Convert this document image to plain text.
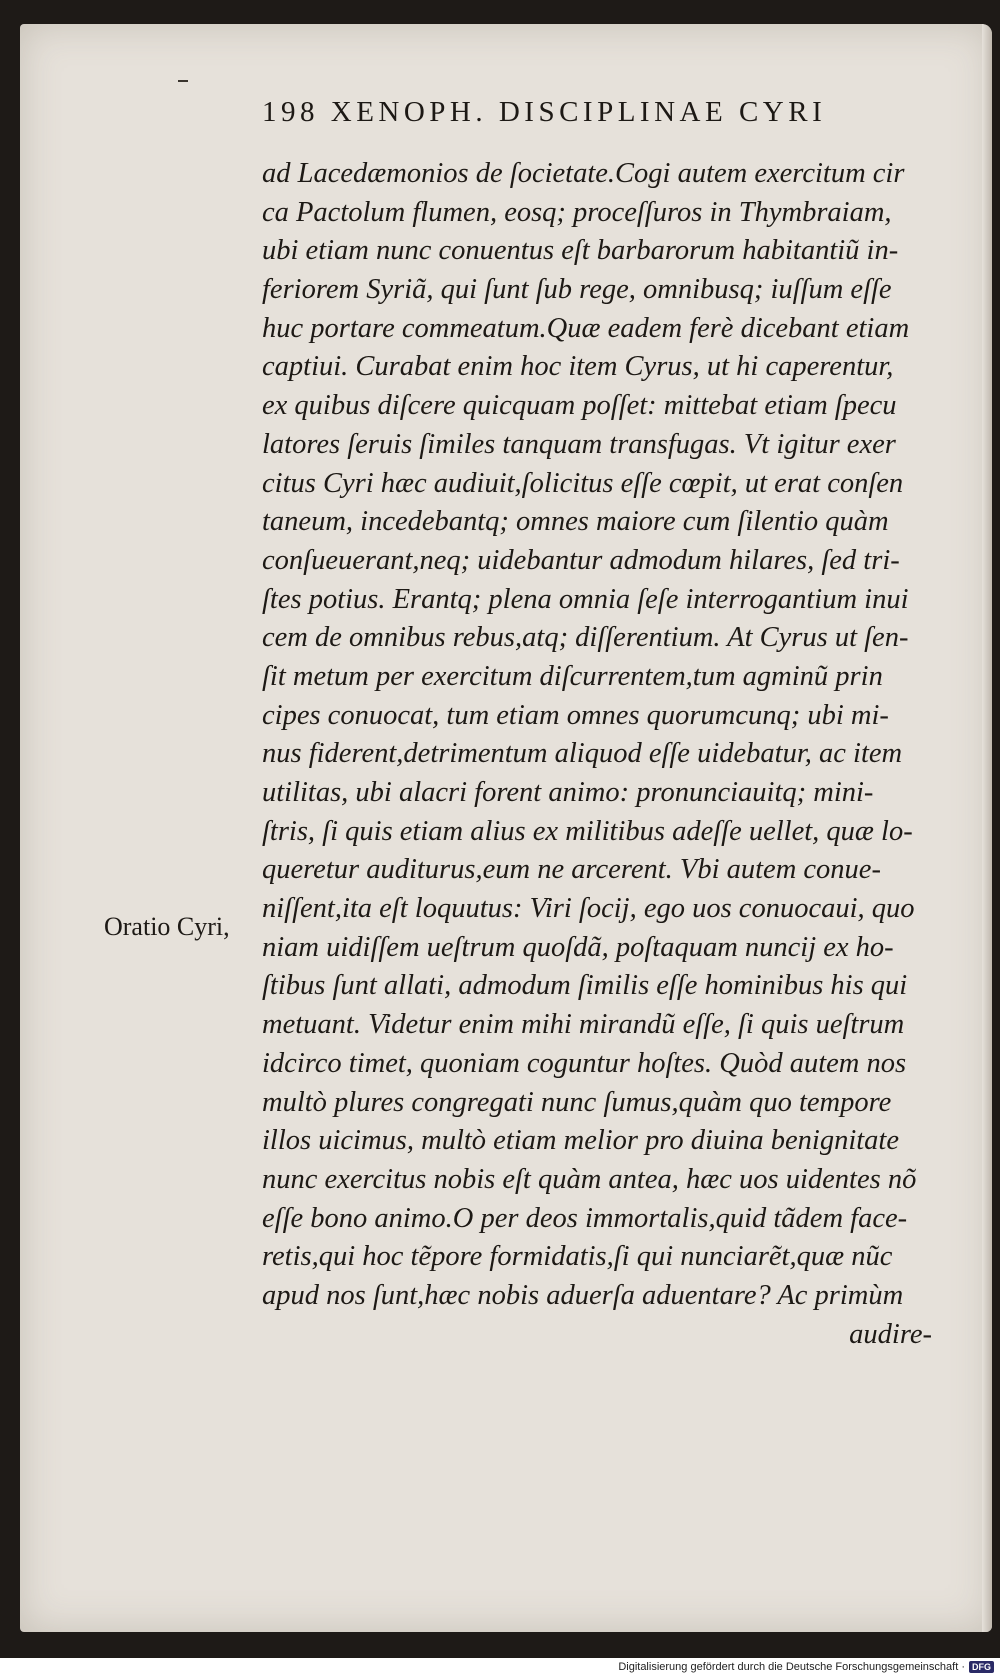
198 XENOPH. DISCIPLINAE CYRI
Oratio Cyri,
ad Lacedæmonios de ſocietate.Cogi autem exercitum cir
ca Pactolum flumen, eosq; proceſſuros in Thymbraiam,
ubi etiam nunc conuentus eſt barbarorum habitantiũ in-
feriorem Syriã, qui ſunt ſub rege, omnibusq; iuſſum eſſe
huc portare commeatum.Quæ eadem ferè dicebant etiam
captiui. Curabat enim hoc item Cyrus, ut hi caperentur,
ex quibus diſcere quicquam poſſet: mittebat etiam ſpecu
latores ſeruis ſimiles tanquam transfugas. Vt igitur exer
citus Cyri hæc audiuit,ſolicitus eſſe cœpit, ut erat conſen
taneum, incedebantq; omnes maiore cum ſilentio quàm
conſueuerant,neq; uidebantur admodum hilares, ſed tri-
ſtes potius. Erantq; plena omnia ſeſe interrogantium inui
cem de omnibus rebus,atq; diſſerentium. At Cyrus ut ſen-
ſit metum per exercitum diſcurrentem,tum agminũ prin
cipes conuocat, tum etiam omnes quorumcunq; ubi mi-
nus fiderent,detrimentum aliquod eſſe uidebatur, ac item
utilitas, ubi alacri forent animo: pronunciauitq; mini-
ſtris, ſi quis etiam alius ex militibus adeſſe uellet, quæ lo-
queretur auditurus,eum ne arcerent. Vbi autem conue-
niſſent,ita eſt loquutus: Viri ſocij, ego uos conuocaui, quo
niam uidiſſem ueſtrum quoſdã, poſtaquam nuncij ex ho-
ſtibus ſunt allati, admodum ſimilis eſſe hominibus his qui
metuant. Videtur enim mihi mirandũ eſſe, ſi quis ueſtrum
idcirco timet, quoniam coguntur hoſtes. Quòd autem nos
multò plures congregati nunc ſumus,quàm quo tempore
illos uicimus, multò etiam melior pro diuina benignitate
nunc exercitus nobis eſt quàm antea, hæc uos uidentes nõ
eſſe bono animo.O per deos immortalis,quid tãdem face-
retis,qui hoc tẽpore formidatis,ſi qui nunciarẽt,quæ nũc
apud nos ſunt,hæc nobis aduerſa aduentare? Ac primùm
audire-
Digitalisierung gefördert durch die Deutsche Forschungsgemeinschaft · DFG
